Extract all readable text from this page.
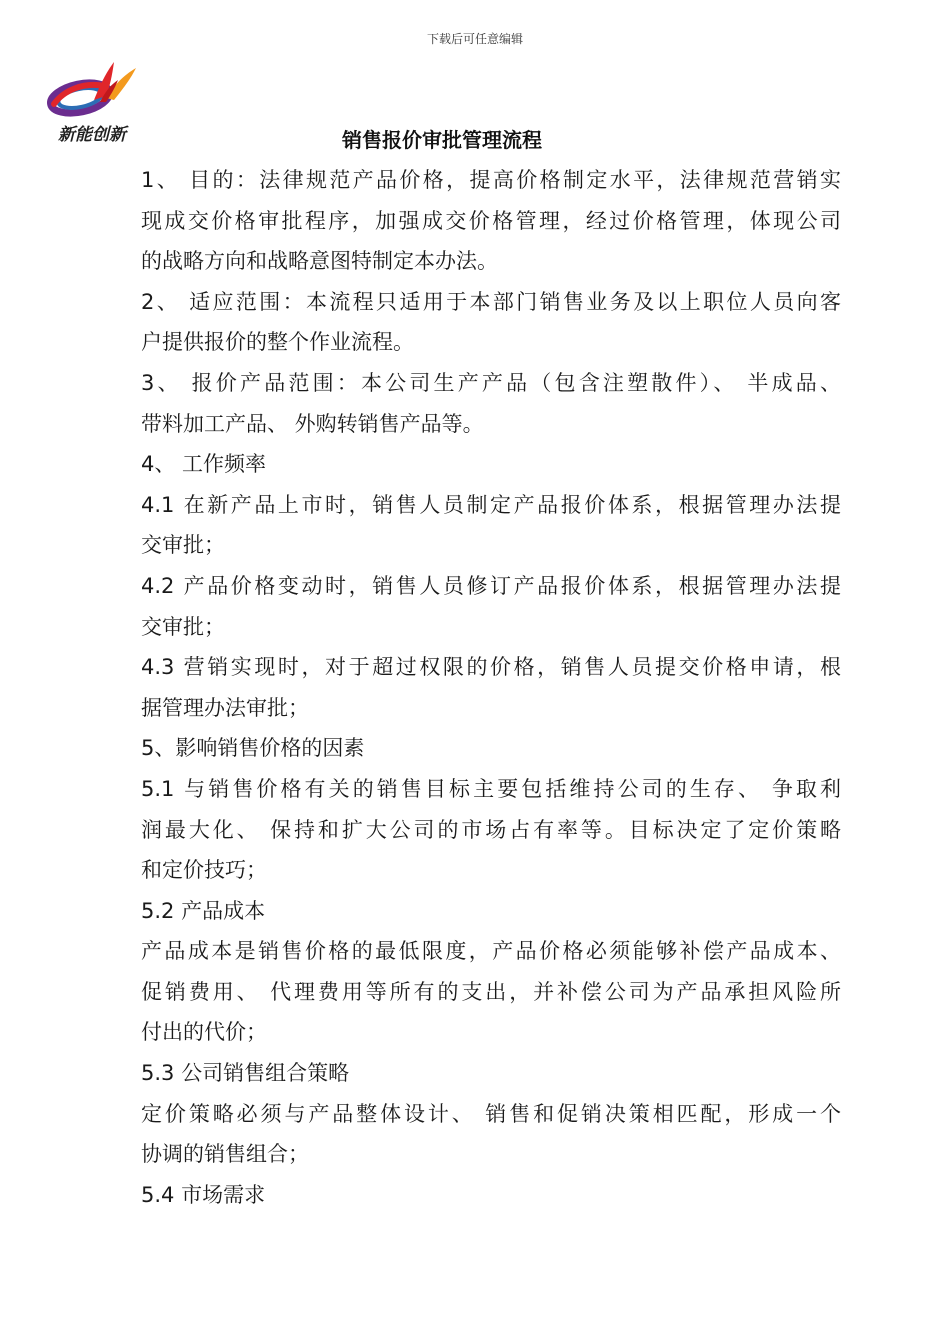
下载后可任意编辑
新能创新	销售报价审批管理流程
1、 目的：法律规范产品价格，提高价格制定水平，法律规范营销实
现成交价格审批程序，加强成交价格管理，经过价格管理，体现公司
的战略方向和战略意图特制定本办法。
2、 适应范围：本流程只适用于本部门销售业务及以上职位人员向客
户提供报价的整个作业流程。
3、 报价产品范围：本公司生产产品（包含注塑散件）、 半成品、
带料加工产品、 外购转销售产品等。
4、 工作频率
4.1 在新产品上市时，销售人员制定产品报价体系，根据管理办法提
交审批；
4.2 产品价格变动时，销售人员修订产品报价体系，根据管理办法提
交审批；
4.3 营销实现时，对于超过权限的价格，销售人员提交价格申请，根
据管理办法审批；
5、影响销售价格的因素
5.1 与销售价格有关的销售目标主要包括维持公司的生存、 争取利
润最大化、 保持和扩大公司的市场占有率等。目标决定了定价策略
和定价技巧；
5.2 产品成本
产品成本是销售价格的最低限度，产品价格必须能够补偿产品成本、
促销费用、 代理费用等所有的支出，并补偿公司为产品承担风险所
付出的代价；
5.3 公司销售组合策略
定价策略必须与产品整体设计、 销售和促销决策相匹配，形成一个
协调的销售组合；
5.4 市场需求
